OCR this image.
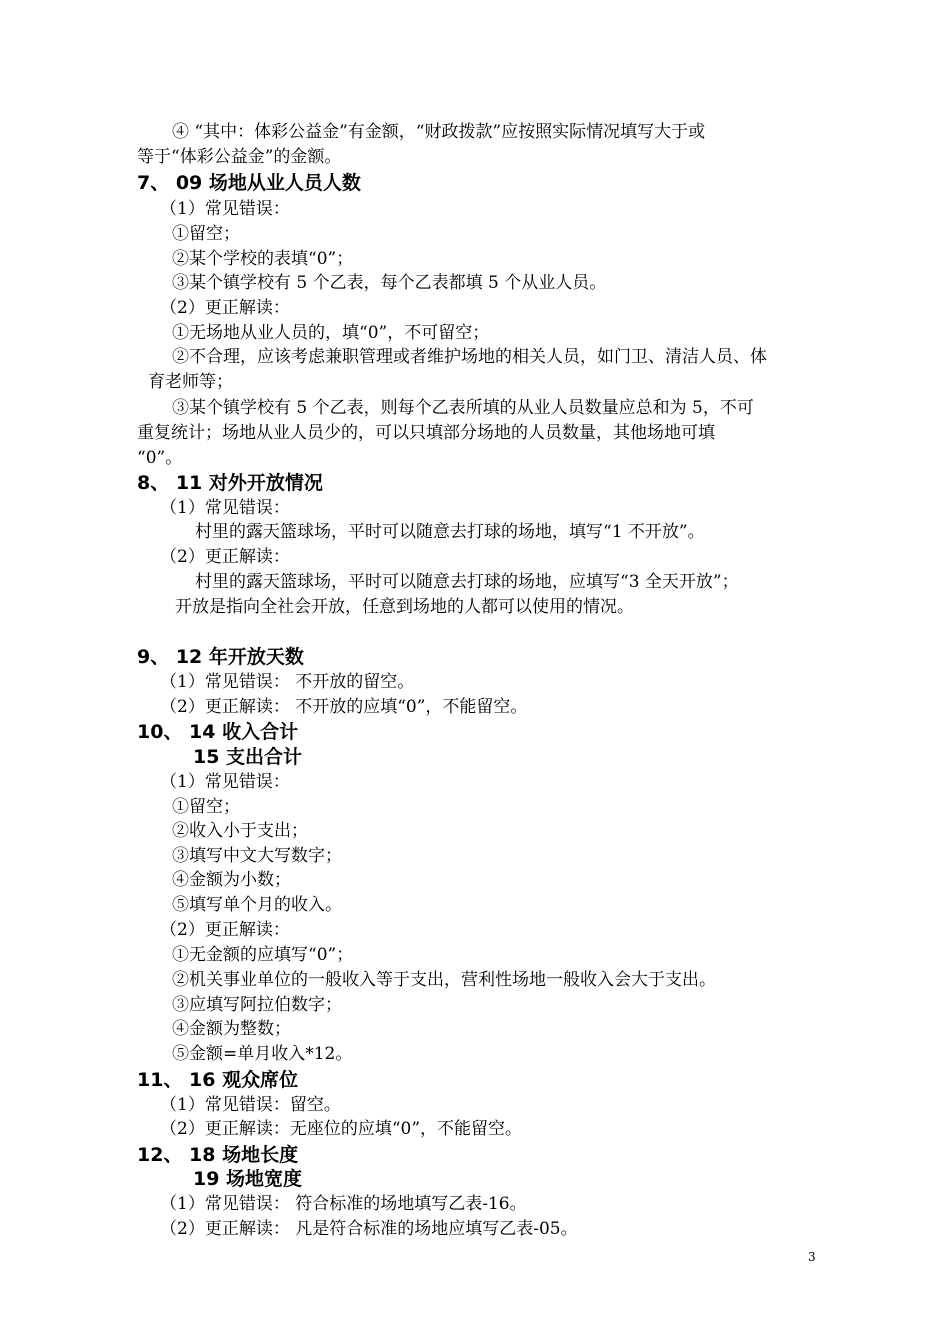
④ “其中：体彩公益金”有金额，“财政拨款”应按照实际情况填写大于或
等于“体彩公益金”的金额。
7、 09 场地从业人员人数
（1）常见错误：
①留空；
②某个学校的表填“0”；
③某个镇学校有 5 个乙表，每个乙表都填 5 个从业人员。
（2）更正解读：
①无场地从业人员的，填“0”，不可留空；
②不合理，应该考虑兼职管理或者维护场地的相关人员，如门卫、清洁人员、体
育老师等；
③某个镇学校有 5 个乙表，则每个乙表所填的从业人员数量应总和为 5，不可
重复统计；场地从业人员少的，可以只填部分场地的人员数量，其他场地可填
“0”。
8、 11 对外开放情况
（1）常见错误：
村里的露天篮球场，平时可以随意去打球的场地，填写“1 不开放”。
（2）更正解读：
村里的露天篮球场，平时可以随意去打球的场地，应填写“3 全天开放”；
开放是指向全社会开放，任意到场地的人都可以使用的情况。
9、 12 年开放天数
（1）常见错误： 不开放的留空。
（2）更正解读： 不开放的应填“0”，不能留空。
10、 14 收入合计
15 支出合计
（1）常见错误：
①留空；
②收入小于支出；
③填写中文大写数字；
④金额为小数；
⑤填写单个月的收入。
（2）更正解读：
①无金额的应填写“0”；
②机关事业单位的一般收入等于支出，营利性场地一般收入会大于支出。
③应填写阿拉伯数字；
④金额为整数；
⑤金额=单月收入*12。
11、 16 观众席位
（1）常见错误：留空。
（2）更正解读：无座位的应填“0”，不能留空。
12、 18 场地长度
19 场地宽度
（1）常见错误： 符合标准的场地填写乙表-16。
（2）更正解读： 凡是符合标准的场地应填写乙表-05。
3
